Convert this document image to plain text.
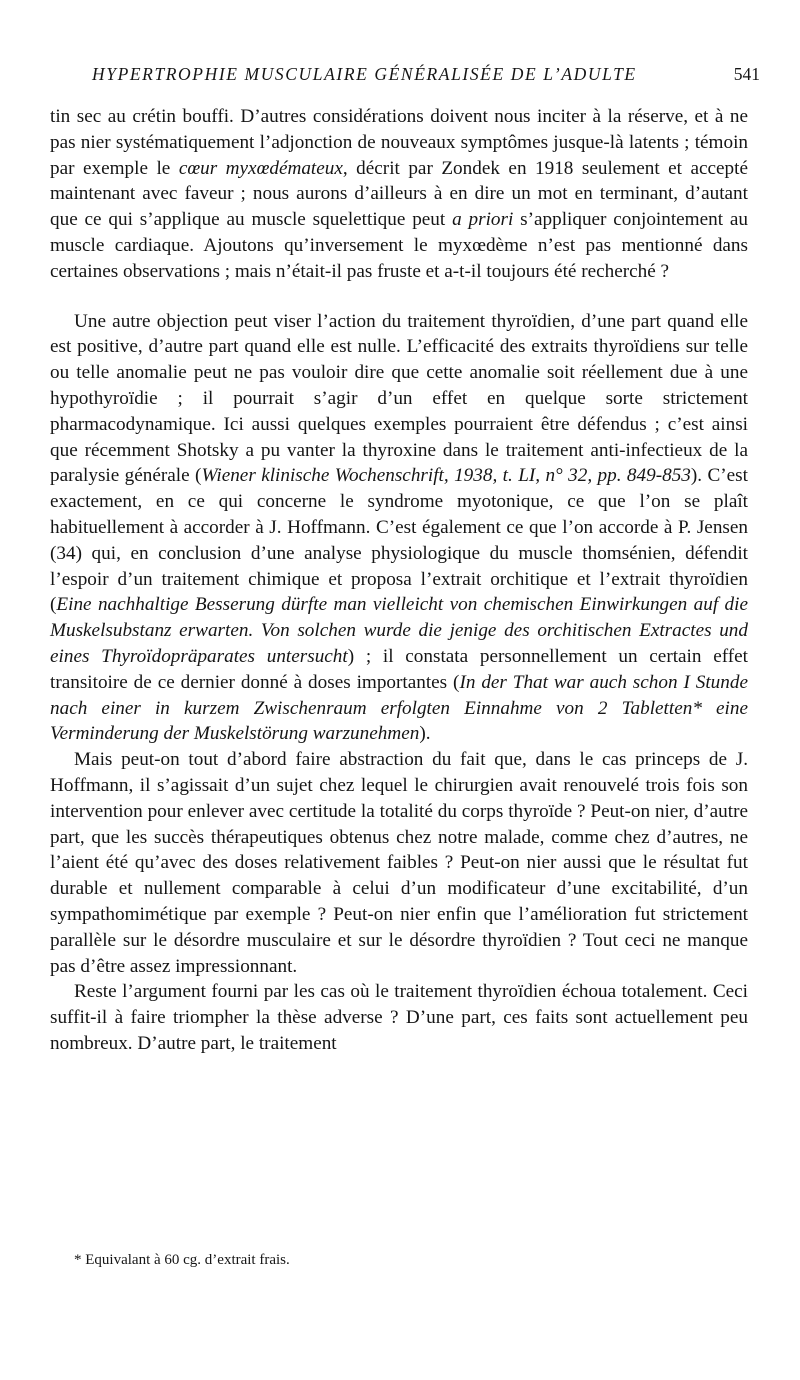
HYPERTROPHIE MUSCULAIRE GÉNÉRALISÉE DE L’ADULTE	541

tin sec au crétin bouffi. D’autres considérations doivent nous inciter à la réserve, et à ne pas nier systématiquement l’adjonction de nouveaux symptômes jusque-là latents ; témoin par exemple le cœur myxœdémateux, décrit par Zondek en 1918 seulement et accepté maintenant avec faveur ; nous aurons d’ailleurs à en dire un mot en terminant, d’autant que ce qui s’applique au muscle squelettique peut a priori s’appliquer conjointement au muscle cardiaque. Ajoutons qu’inversement le myxœdème n’est pas mentionné dans certaines observations ; mais n’était-il pas fruste et a-t-il toujours été recherché ?

Une autre objection peut viser l’action du traitement thyroïdien, d’une part quand elle est positive, d’autre part quand elle est nulle. L’efficacité des extraits thyroïdiens sur telle ou telle anomalie peut ne pas vouloir dire que cette anomalie soit réellement due à une hypothyroïdie ; il pourrait s’agir d’un effet en quelque sorte strictement pharmacodynamique. Ici aussi quelques exemples pourraient être défendus ; c’est ainsi que récemment Shotsky a pu vanter la thyroxine dans le traitement anti-infectieux de la paralysie générale (Wiener klinische Wochenschrift, 1938, t. LI, n° 32, pp. 849-853). C’est exactement, en ce qui concerne le syndrome myotonique, ce que l’on se plaît habituellement à accorder à J. Hoffmann. C’est également ce que l’on accorde à P. Jensen (34) qui, en conclusion d’une analyse physiologique du muscle thomsénien, défendit l’espoir d’un traitement chimique et proposa l’extrait orchitique et l’extrait thyroïdien (Eine nachhaltige Besserung dürfte man vielleicht von chemischen Einwirkungen auf die Muskelsubstanz erwarten. Von solchen wurde die jenige des orchitischen Extractes und eines Thyroïdopräparates untersucht) ; il constata personnellement un certain effet transitoire de ce dernier donné à doses importantes (In der That war auch schon I Stunde nach einer in kurzem Zwischenraum erfolgten Einnahme von 2 Tabletten* eine Verminderung der Muskelstörung warzunehmen).

Mais peut-on tout d’abord faire abstraction du fait que, dans le cas princeps de J. Hoffmann, il s’agissait d’un sujet chez lequel le chirurgien avait renouvelé trois fois son intervention pour enlever avec certitude la totalité du corps thyroïde ? Peut-on nier, d’autre part, que les succès thérapeutiques obtenus chez notre malade, comme chez d’autres, ne l’aient été qu’avec des doses relativement faibles ? Peut-on nier aussi que le résultat fut durable et nullement comparable à celui d’un modificateur d’une excitabilité, d’un sympathomimétique par exemple ? Peut-on nier enfin que l’amélioration fut strictement parallèle sur le désordre musculaire et sur le désordre thyroïdien ? Tout ceci ne manque pas d’être assez impressionnant.

Reste l’argument fourni par les cas où le traitement thyroïdien échoua totalement. Ceci suffit-il à faire triompher la thèse adverse ? D’une part, ces faits sont actuellement peu nombreux. D’autre part, le traitement

* Equivalant à 60 cg. d’extrait frais.
